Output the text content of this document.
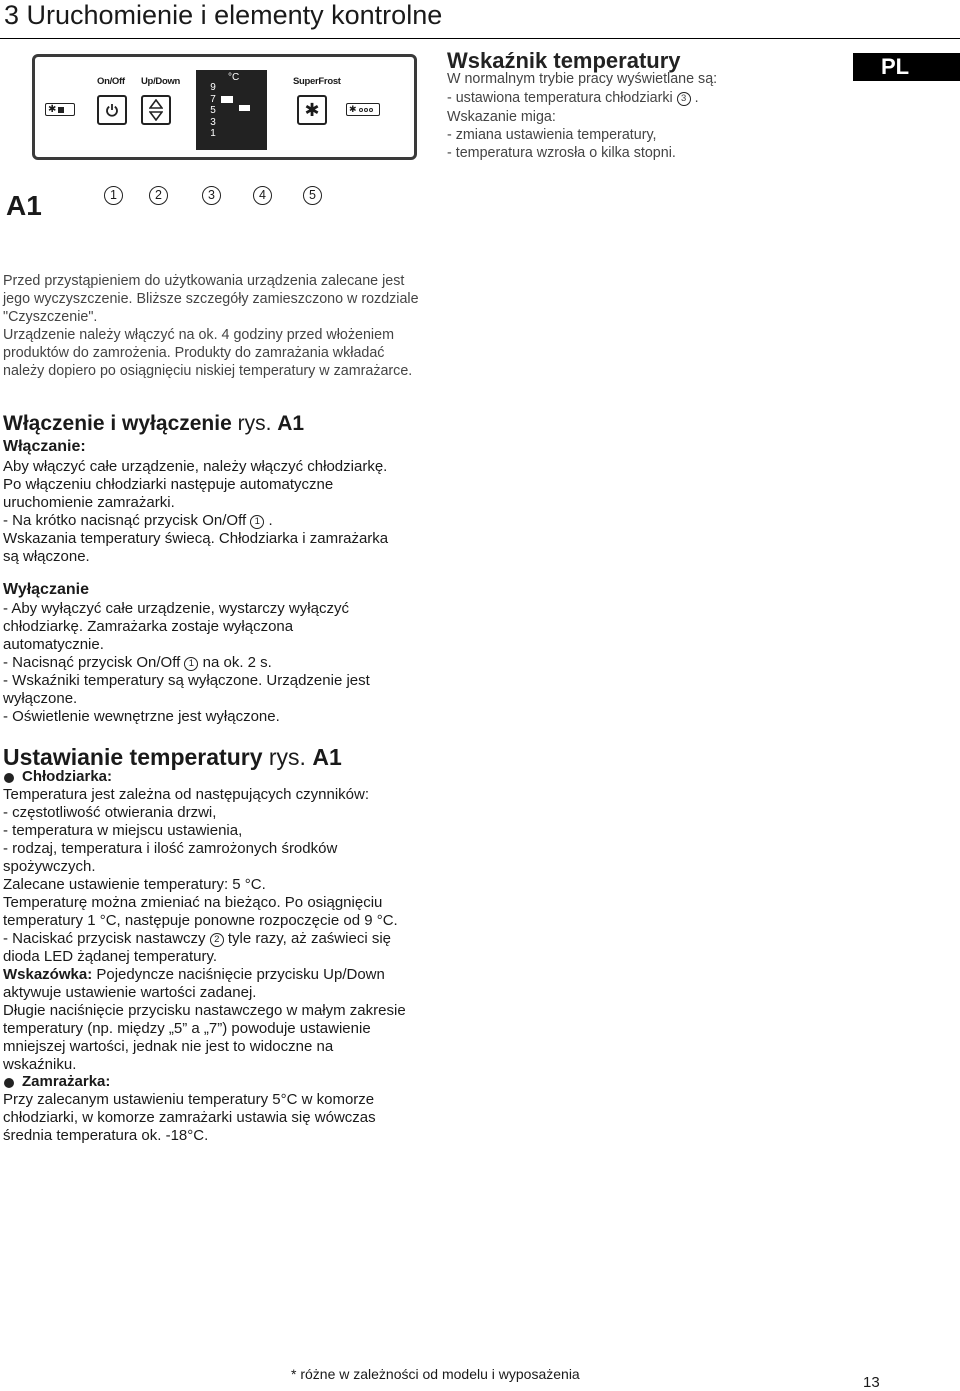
3 Uruchomienie i elementy kontrolne
PL
✱
On/Off Up/Down
9
7
5
3
1
°C	SuperFrost
✱	✱
Wskaźnik temperatury
W normalnym trybie pracy wyświetlane są:
- ustawiona temperatura chłodziarki 3 .
Wskazanie miga:
- zmiana ustawienia temperatury,
- temperatura wzrosła o kilka stopni.
A1	1	2	3	4	5
Przed przystąpieniem do użytkowania urządzenia zalecane jest
jego wyczyszczenie. Bliższe szczegóły zamieszczono w rozdziale
"Czyszczenie".
Urządzenie należy włączyć na ok. 4 godziny przed włożeniem
produktów do zamrożenia. Produkty do zamrażania wkładać
należy dopiero po osiągnięciu niskiej temperatury w zamrażarce.
Włączenie i wyłączenie rys. A1
Włączanie:
Aby włączyć całe urządzenie, należy włączyć chłodziarkę.
Po włączeniu chłodziarki następuje automatyczne
uruchomienie zamrażarki.
- Na krótko nacisnąć przycisk On/Off 1 .
Wskazania temperatury świecą. Chłodziarka i zamrażarka
są włączone.
Wyłączanie
- Aby wyłączyć całe urządzenie, wystarczy wyłączyć
chłodziarkę. Zamrażarka zostaje wyłączona
automatycznie.
- Nacisnąć przycisk On/Off 1 na ok. 2 s.
- Wskaźniki temperatury są wyłączone. Urządzenie jest
wyłączone.
- Oświetlenie wewnętrzne jest wyłączone.
Ustawianie temperatury rys. A1
Chłodziarka:
Temperatura jest zależna od następujących czynników:
- częstotliwość otwierania drzwi,
- temperatura w miejscu ustawienia,
- rodzaj, temperatura i ilość zamrożonych środków
spożywczych.
Zalecane ustawienie temperatury: 5 °C.
Temperaturę można zmieniać na bieżąco. Po osiągnięciu
temperatury 1 °C, następuje ponowne rozpoczęcie od 9 °C.
- Naciskać przycisk nastawczy 2 tyle razy, aż zaświeci się
dioda LED żądanej temperatury.
Wskazówka: Pojedyncze naciśnięcie przycisku Up/Down
aktywuje ustawienie wartości zadanej.
Długie naciśnięcie przycisku nastawczego w małym zakresie
temperatury (np. między „5” a „7”) powoduje ustawienie
mniejszej wartości, jednak nie jest to widoczne na
wskaźniku.
Zamrażarka:
Przy zalecanym ustawieniu temperatury 5°C w komorze
chłodziarki, w komorze zamrażarki ustawia się wówczas
średnia temperatura ok. -18°C.
* różne w zależności od modelu i wyposażenia	13
